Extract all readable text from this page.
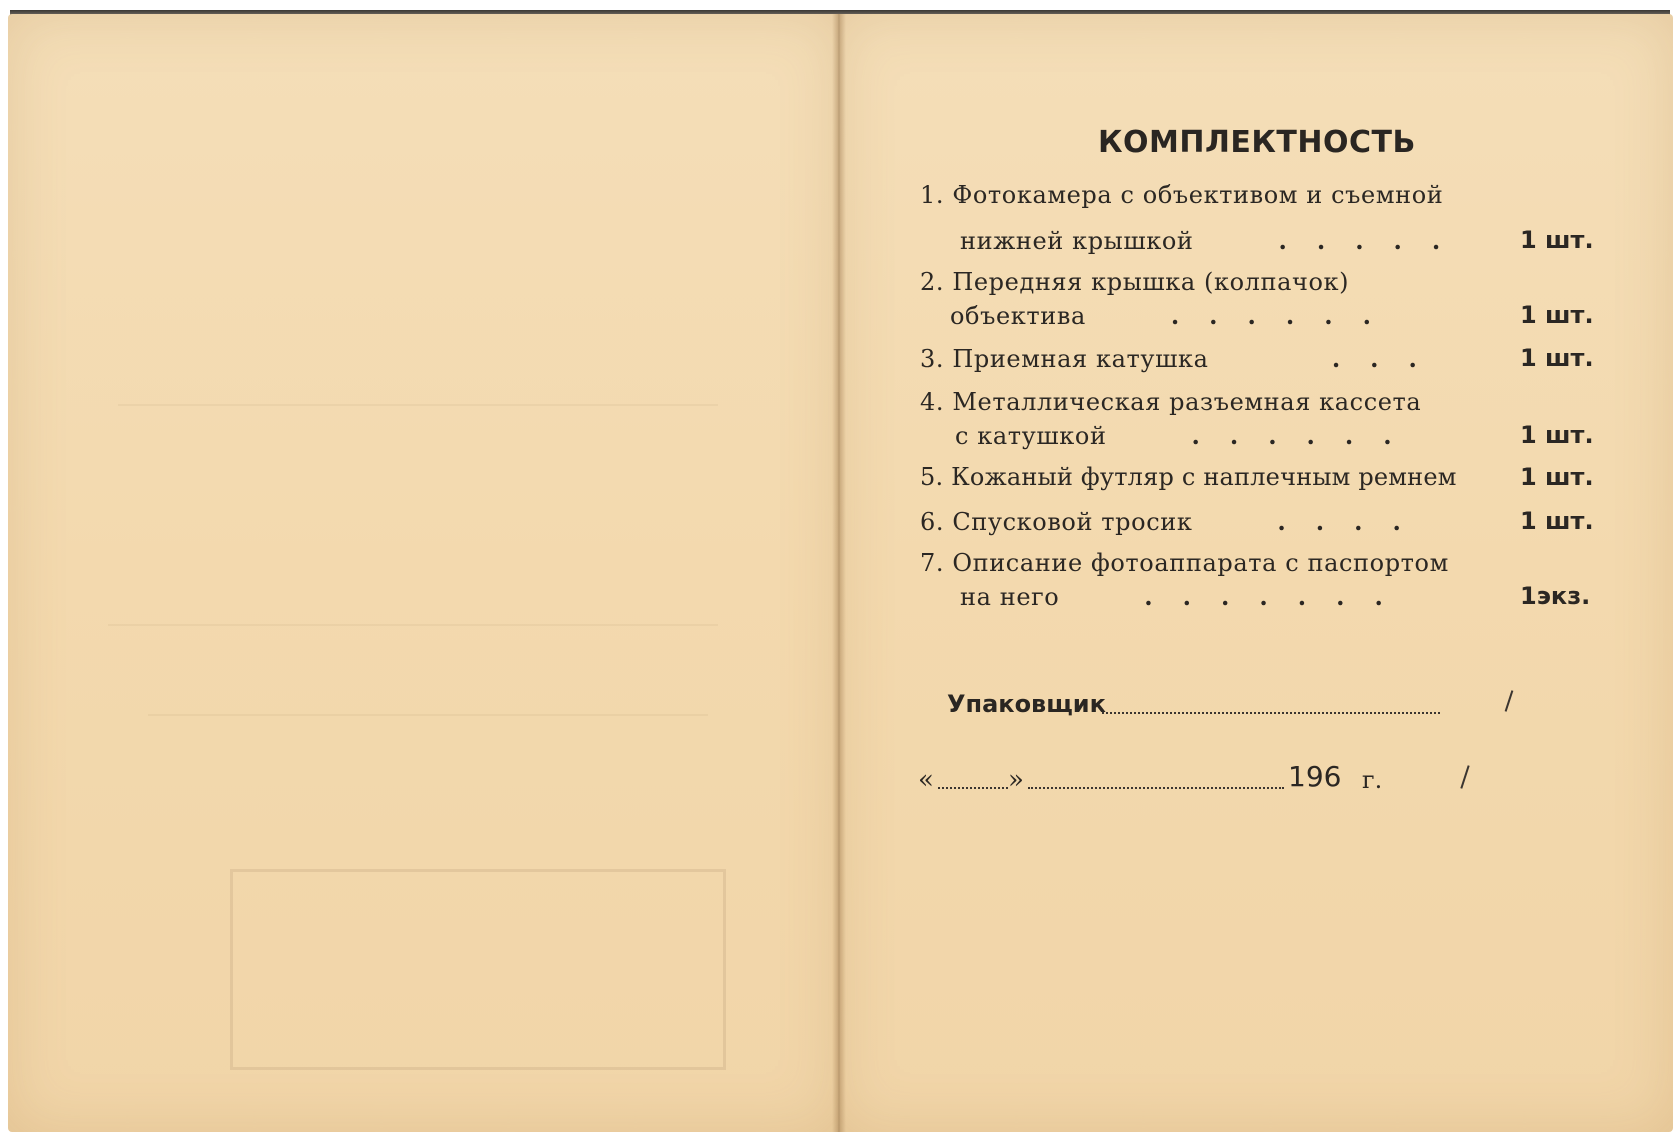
КОМПЛЕКТНОСТЬ
1. Фотокамера с объективом и съемной
нижней крышкой   ..... 1 шт.
2. Передняя крышка (колпачок)
объектива   ......	1 шт.
3. Приемная катушка    ...	1 шт.
4. Металлическая разъемная кассета
с катушкой   ......	1 шт.
5. Кожаный футляр с наплечным ремнем	1 шт.
6. Спусковой тросик   ....	1 шт.
7. Описание фотоаппарата с паспортом
на него   .......	1экз.
Упаковщик
«	»	196 г.
